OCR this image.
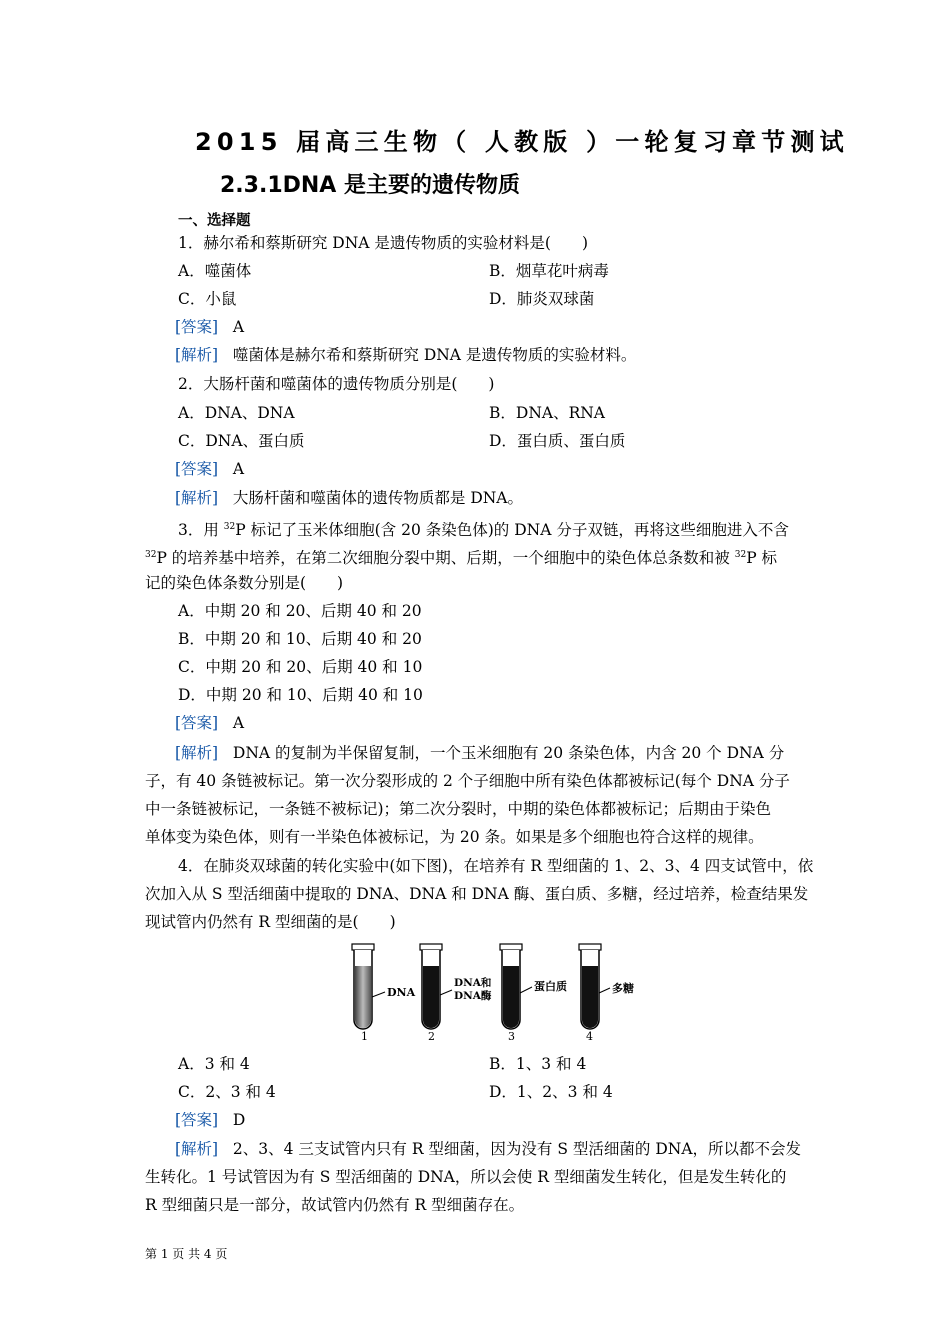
2015 届高三生物（ 人教版 ）一轮复习章节测试
2.3.1DNA 是主要的遗传物质
一、选择题
1．赫尔希和蔡斯研究 DNA 是遗传物质的实验材料是(　　)
A．噬菌体	B．烟草花叶病毒
C．小鼠	D．肺炎双球菌
[答案] A
[解析] 噬菌体是赫尔希和蔡斯研究 DNA 是遗传物质的实验材料。
2．大肠杆菌和噬菌体的遗传物质分别是(　　)
A．DNA、DNA	B．DNA、RNA
C．DNA、蛋白质	D．蛋白质、蛋白质
[答案] A
[解析] 大肠杆菌和噬菌体的遗传物质都是 DNA。
3．用 $^{32}$P 标记了玉米体细胞(含 20 条染色体)的 DNA 分子双链，再将这些细胞进入不含
$^{32}$P 的培养基中培养，在第二次细胞分裂中期、后期，一个细胞中的染色体总条数和被 $^{32}$P 标
记的染色体条数分别是(　　)
A．中期 20 和 20、后期 40 和 20
B．中期 20 和 10、后期 40 和 20
C．中期 20 和 20、后期 40 和 10
D．中期 20 和 10、后期 40 和 10
[答案] A
[解析] DNA 的复制为半保留复制，一个玉米细胞有 20 条染色体，内含 20 个 DNA 分
子，有 40 条链被标记。第一次分裂形成的 2 个子细胞中所有染色体都被标记(每个 DNA 分子
中一条链被标记，一条链不被标记)；第二次分裂时，中期的染色体都被标记；后期由于染色
单体变为染色体，则有一半染色体被标记，为 20 条。如果是多个细胞也符合这样的规律。
4．在肺炎双球菌的转化实验中(如下图)，在培养有 R 型细菌的 1、2、3、4 四支试管中，依
次加入从 S 型活细菌中提取的 DNA、DNA 和 DNA 酶、蛋白质、多糖，经过培养，检查结果发
现试管内仍然有 R 型细菌的是(　　)
DNA
1
DNA和
DNA酶
2
蛋白质
3
多糖
4
A．3 和 4	B．1、3 和 4
C．2、3 和 4	D．1、2、3 和 4
[答案] D
[解析] 2、3、4 三支试管内只有 R 型细菌，因为没有 S 型活细菌的 DNA，所以都不会发
生转化。1 号试管因为有 S 型活细菌的 DNA，所以会使 R 型细菌发生转化，但是发生转化的
R 型细菌只是一部分，故试管内仍然有 R 型细菌存在。
第 1 页 共 4 页
